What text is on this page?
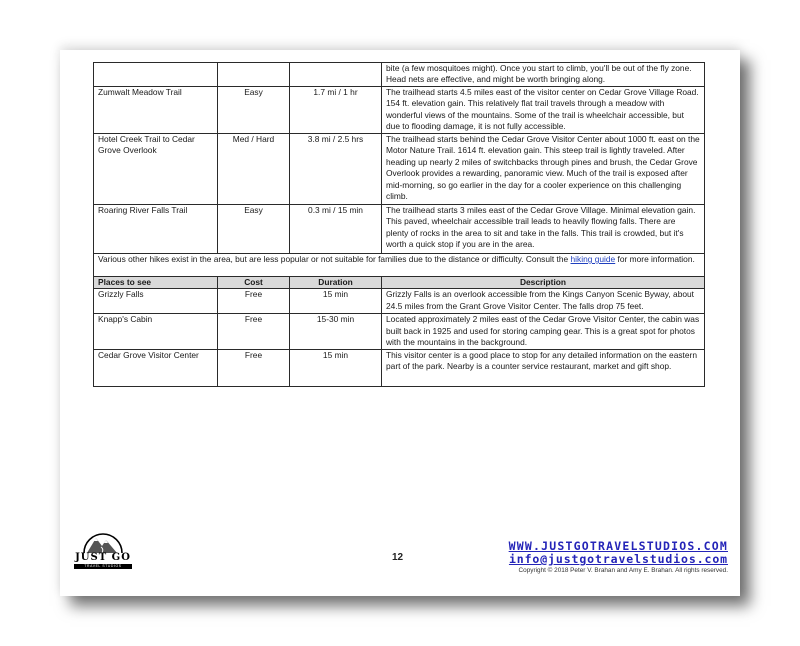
			bite (a few mosquitoes might). Once you start to climb, you'll be out of the fly zone. Head nets are effective, and might be worth bringing along.
Zumwalt Meadow Trail	Easy	1.7 mi / 1 hr	The trailhead starts 4.5 miles east of the visitor center on Cedar Grove Village Road. 154 ft. elevation gain. This relatively flat trail travels through a meadow with wonderful views of the mountains. Some of the trail is wheelchair accessible, but due to flooding damage, it is not fully accessible.
Hotel Creek Trail to Cedar Grove Overlook	Med / Hard	3.8 mi / 2.5 hrs	The trailhead starts behind the Cedar Grove Visitor Center about 1000 ft. east on the Motor Nature Trail. 1614 ft. elevation gain. This steep trail is lightly traveled. After heading up nearly 2 miles of switchbacks through pines and brush, the Cedar Grove Overlook provides a rewarding, panoramic view. Much of the trail is exposed after mid-morning, so go earlier in the day for a cooler experience on this challenging climb.
Roaring River Falls Trail	Easy	0.3 mi / 15 min	The trailhead starts 3 miles east of the Cedar Grove Village. Minimal elevation gain. This paved, wheelchair accessible trail leads to heavily flowing falls. There are plenty of rocks in the area to sit and take in the falls. This trail is crowded, but it's worth a quick stop if you are in the area.
Various other hikes exist in the area, but are less popular or not suitable for families due to the distance or difficulty. Consult the hiking guide for more information.			
Places to see	Cost	Duration	Description
Grizzly Falls	Free	15 min	Grizzly Falls is an overlook accessible from the Kings Canyon Scenic Byway, about 24.5 miles from the Grant Grove Visitor Center. The falls drop 75 feet.
Knapp's Cabin	Free	15-30 min	Located approximately 2 miles east of the Cedar Grove Visitor Center, the cabin was built back in 1925 and used for storing camping gear. This is a great spot for photos with the mountains in the background.
Cedar Grove Visitor Center	Free	15 min	This visitor center is a good place to stop for any detailed information on the eastern part of the park. Nearby is a counter service restaurant, market and gift shop.
JUST GO
TRAVEL STUDIOS
12
WWW.JUSTGOTRAVELSTUDIOS.COM
info@justgotravelstudios.com
Copyright © 2018 Peter V. Brahan and Amy E. Brahan. All rights reserved.
